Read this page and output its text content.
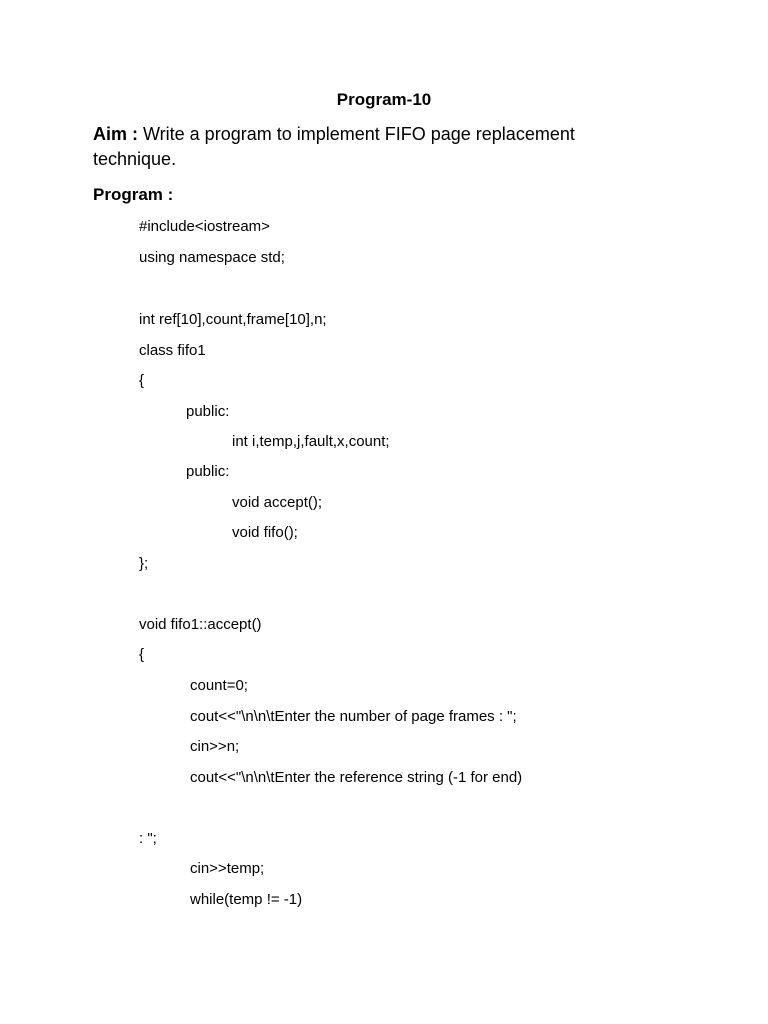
Program-10
Aim : Write a program to implement FIFO page replacement technique.
Program :
#include<iostream>
using namespace std;
int ref[10],count,frame[10],n;
class fifo1
{
public:
int i,temp,j,fault,x,count;
public:
void accept();
void fifo();
};
void fifo1::accept()
{
count=0;
cout<<"\n\n\tEnter the number of page frames : ";
cin>>n;
cout<<"\n\n\tEnter the reference string (-1 for end)
: ";
cin>>temp;
while(temp != -1)
